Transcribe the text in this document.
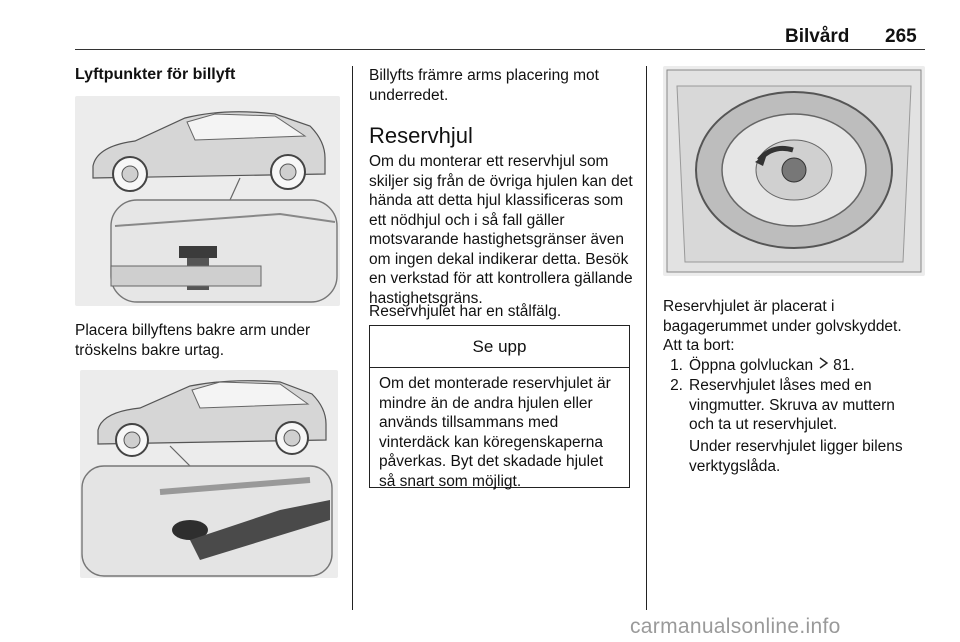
Bilvård 265
Lyftpunkter för billyft
Placera billyftens bakre arm under tröskelns bakre urtag.
Billyfts främre arms placering mot underredet.
Reservhjul
Om du monterar ett reservhjul som skiljer sig från de övriga hjulen kan det hända att detta hjul klassificeras som ett nödhjul och i så fall gäller motsvarande hastighetsgränser även om ingen dekal indikerar detta. Besök en verkstad för att kontrollera gällande hastighetsgräns.
Reservhjulet har en stålfälg.
Se upp
Om det monterade reservhjulet är mindre än de andra hjulen eller används tillsammans med vinterdäck kan köregenskaperna påverkas. Byt det skadade hjulet så snart som möjligt.
Reservhjulet är placerat i bagagerummet under golvskyddet.
Att ta bort:
1. Öppna golvluckan 81.
2. Reservhjulet låses med en vingmutter. Skruva av muttern och ta ut reservhjulet.
Under reservhjulet ligger bilens verktygslåda.
carmanualsonline.info
